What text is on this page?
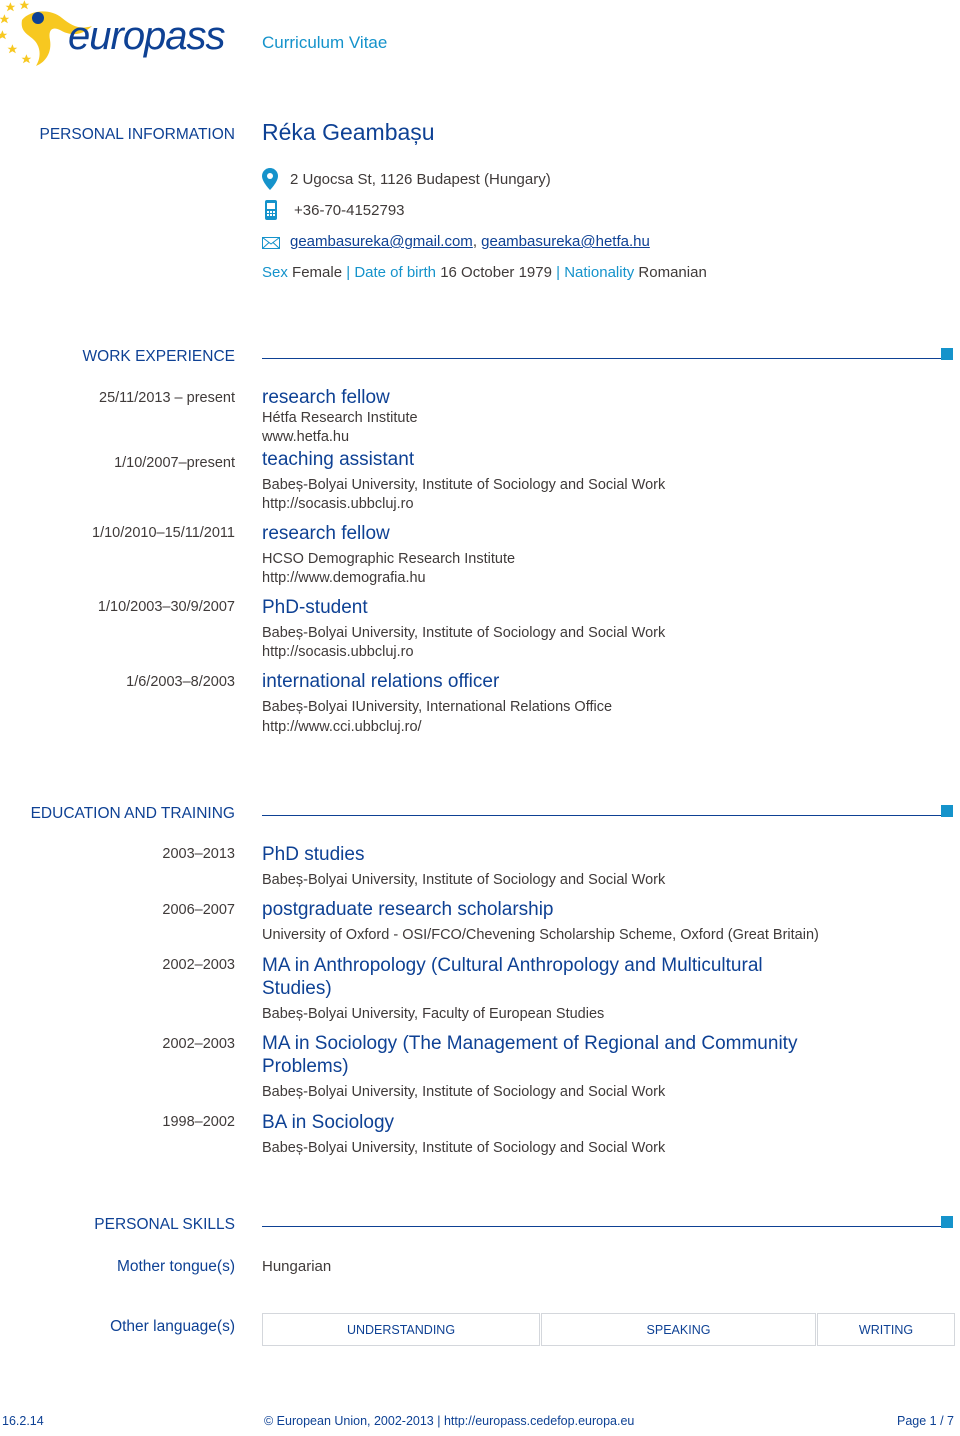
europass Curriculum Vitae
PERSONAL INFORMATION Réka Geambașu
2 Ugocsa St, 1126 Budapest (Hungary)
+36-70-4152793
geambasureka@gmail.com, geambasureka@hetfa.hu
Sex Female | Date of birth 16 October 1979 | Nationality Romanian
WORK EXPERIENCE
25/11/2013 – present research fellow
Hétfa Research Institute
www.hetfa.hu
1/10/2007–present teaching assistant
Babeș-Bolyai University, Institute of Sociology and Social Work
http://socasis.ubbcluj.ro
1/10/2010–15/11/2011 research fellow
HCSO Demographic Research Institute
http://www.demografia.hu
1/10/2003–30/9/2007 PhD-student
Babeș-Bolyai University, Institute of Sociology and Social Work
http://socasis.ubbcluj.ro
1/6/2003–8/2003 international relations officer
Babeș-Bolyai IUniversity, International Relations Office
http://www.cci.ubbcluj.ro/
EDUCATION AND TRAINING
2003–2013 PhD studies
Babeș-Bolyai University, Institute of Sociology and Social Work
2006–2007 postgraduate research scholarship
University of Oxford - OSI/FCO/Chevening Scholarship Scheme, Oxford (Great Britain)
2002–2003 MA in Anthropology (Cultural Anthropology and Multicultural
Studies)
Babeș-Bolyai University, Faculty of European Studies
2002–2003 MA in Sociology (The Management of Regional and Community
Problems)
Babeș-Bolyai University, Institute of Sociology and Social Work
1998–2002 BA in Sociology
Babeș-Bolyai University, Institute of Sociology and Social Work
PERSONAL SKILLS
Mother tongue(s) Hungarian
Other language(s)	UNDERSTANDING	SPEAKING	WRITING
16.2.14	© European Union, 2002-2013 | http://europass.cedefop.europa.eu	Page 1 / 7
